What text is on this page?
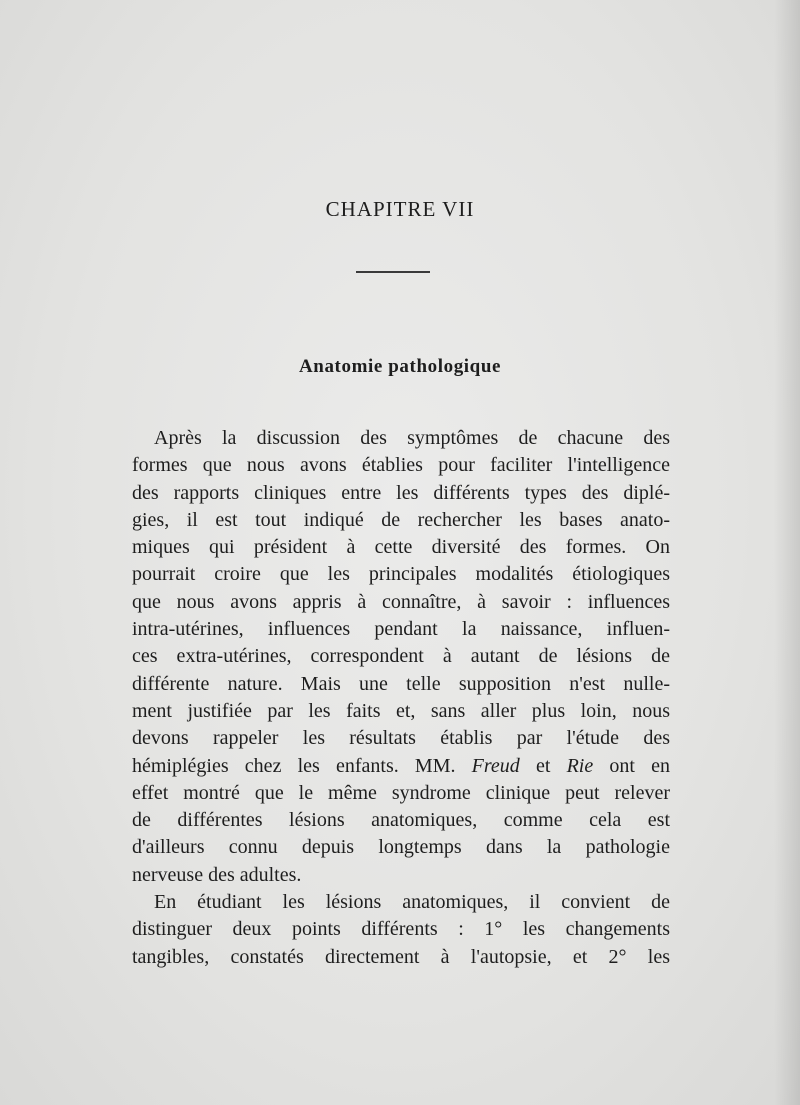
CHAPITRE VII
Anatomie pathologique
Après la discussion des symptômes de chacune des
formes que nous avons établies pour faciliter l'intelligence
des rapports cliniques entre les différents types des diplé-
gies, il est tout indiqué de rechercher les bases anato-
miques qui président à cette diversité des formes. On
pourrait croire que les principales modalités étiologiques
que nous avons appris à connaître, à savoir : influences
intra-utérines, influences pendant la naissance, influen-
ces extra-utérines, correspondent à autant de lésions de
différente nature. Mais une telle supposition n'est nulle-
ment justifiée par les faits et, sans aller plus loin, nous
devons rappeler les résultats établis par l'étude des
hémiplégies chez les enfants. MM. Freud et Rie ont en
effet montré que le même syndrome clinique peut relever
de différentes lésions anatomiques, comme cela est
d'ailleurs connu depuis longtemps dans la pathologie
nerveuse des adultes.
En étudiant les lésions anatomiques, il convient de
distinguer deux points différents : 1° les changements
tangibles, constatés directement à l'autopsie, et 2° les
